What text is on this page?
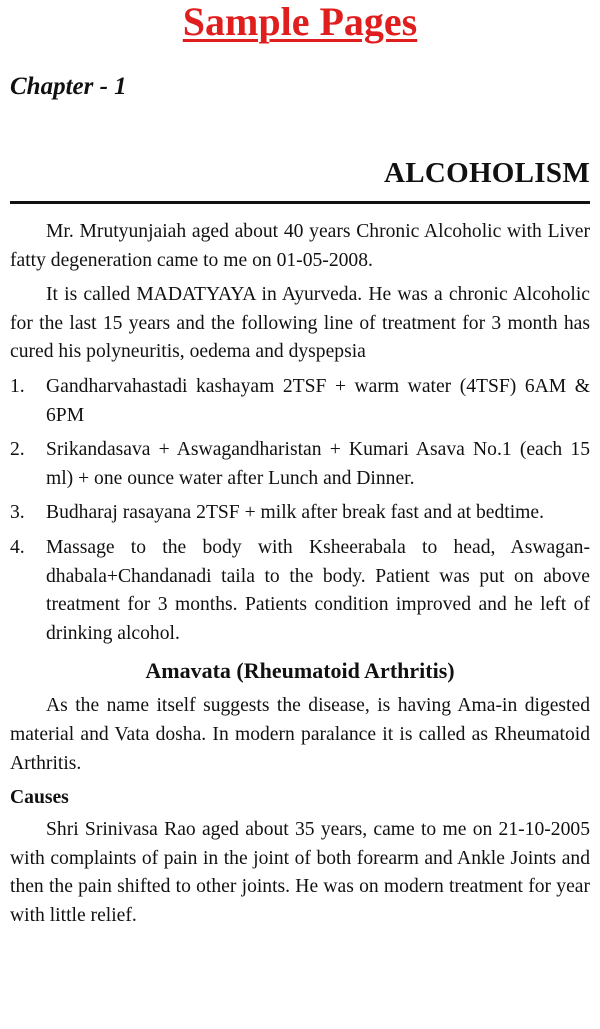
Sample Pages
Chapter - 1
ALCOHOLISM

Mr. Mrutyunjaiah aged about 40 years Chronic Alcoholic with Liver fatty degeneration came to me on 01-05-2008.

It is called MADATYAYA in Ayurveda. He was a chronic Alcoholic for the last 15 years and the following line of treatment for 3 month has cured his polyneuritis, oedema and dyspepsia

1. Gandharvahastadi kashayam 2TSF + warm water (4TSF) 6AM & 6PM
2. Srikandasava + Aswagandharistan + Kumari Asava No.1 (each 15 ml) + one ounce water after Lunch and Dinner.
3. Budharaj rasayana 2TSF + milk after break fast and at bedtime.
4. Massage to the body with Ksheerabala to head, Aswagan-dhabala+Chandanadi taila to the body. Patient was put on above treatment for 3 months. Patients condition improved and he left of drinking alcohol.
Amavata (Rheumatoid Arthritis)

As the name itself suggests the disease, is having Ama-in digested material and Vata dosha. In modern paralance it is called as Rheumatoid Arthritis.

Causes

Shri Srinivasa Rao aged about 35 years, came to me on 21-10-2005 with complaints of pain in the joint of both forearm and Ankle Joints and then the pain shifted to other joints. He was on modern treatment for year with little relief.
